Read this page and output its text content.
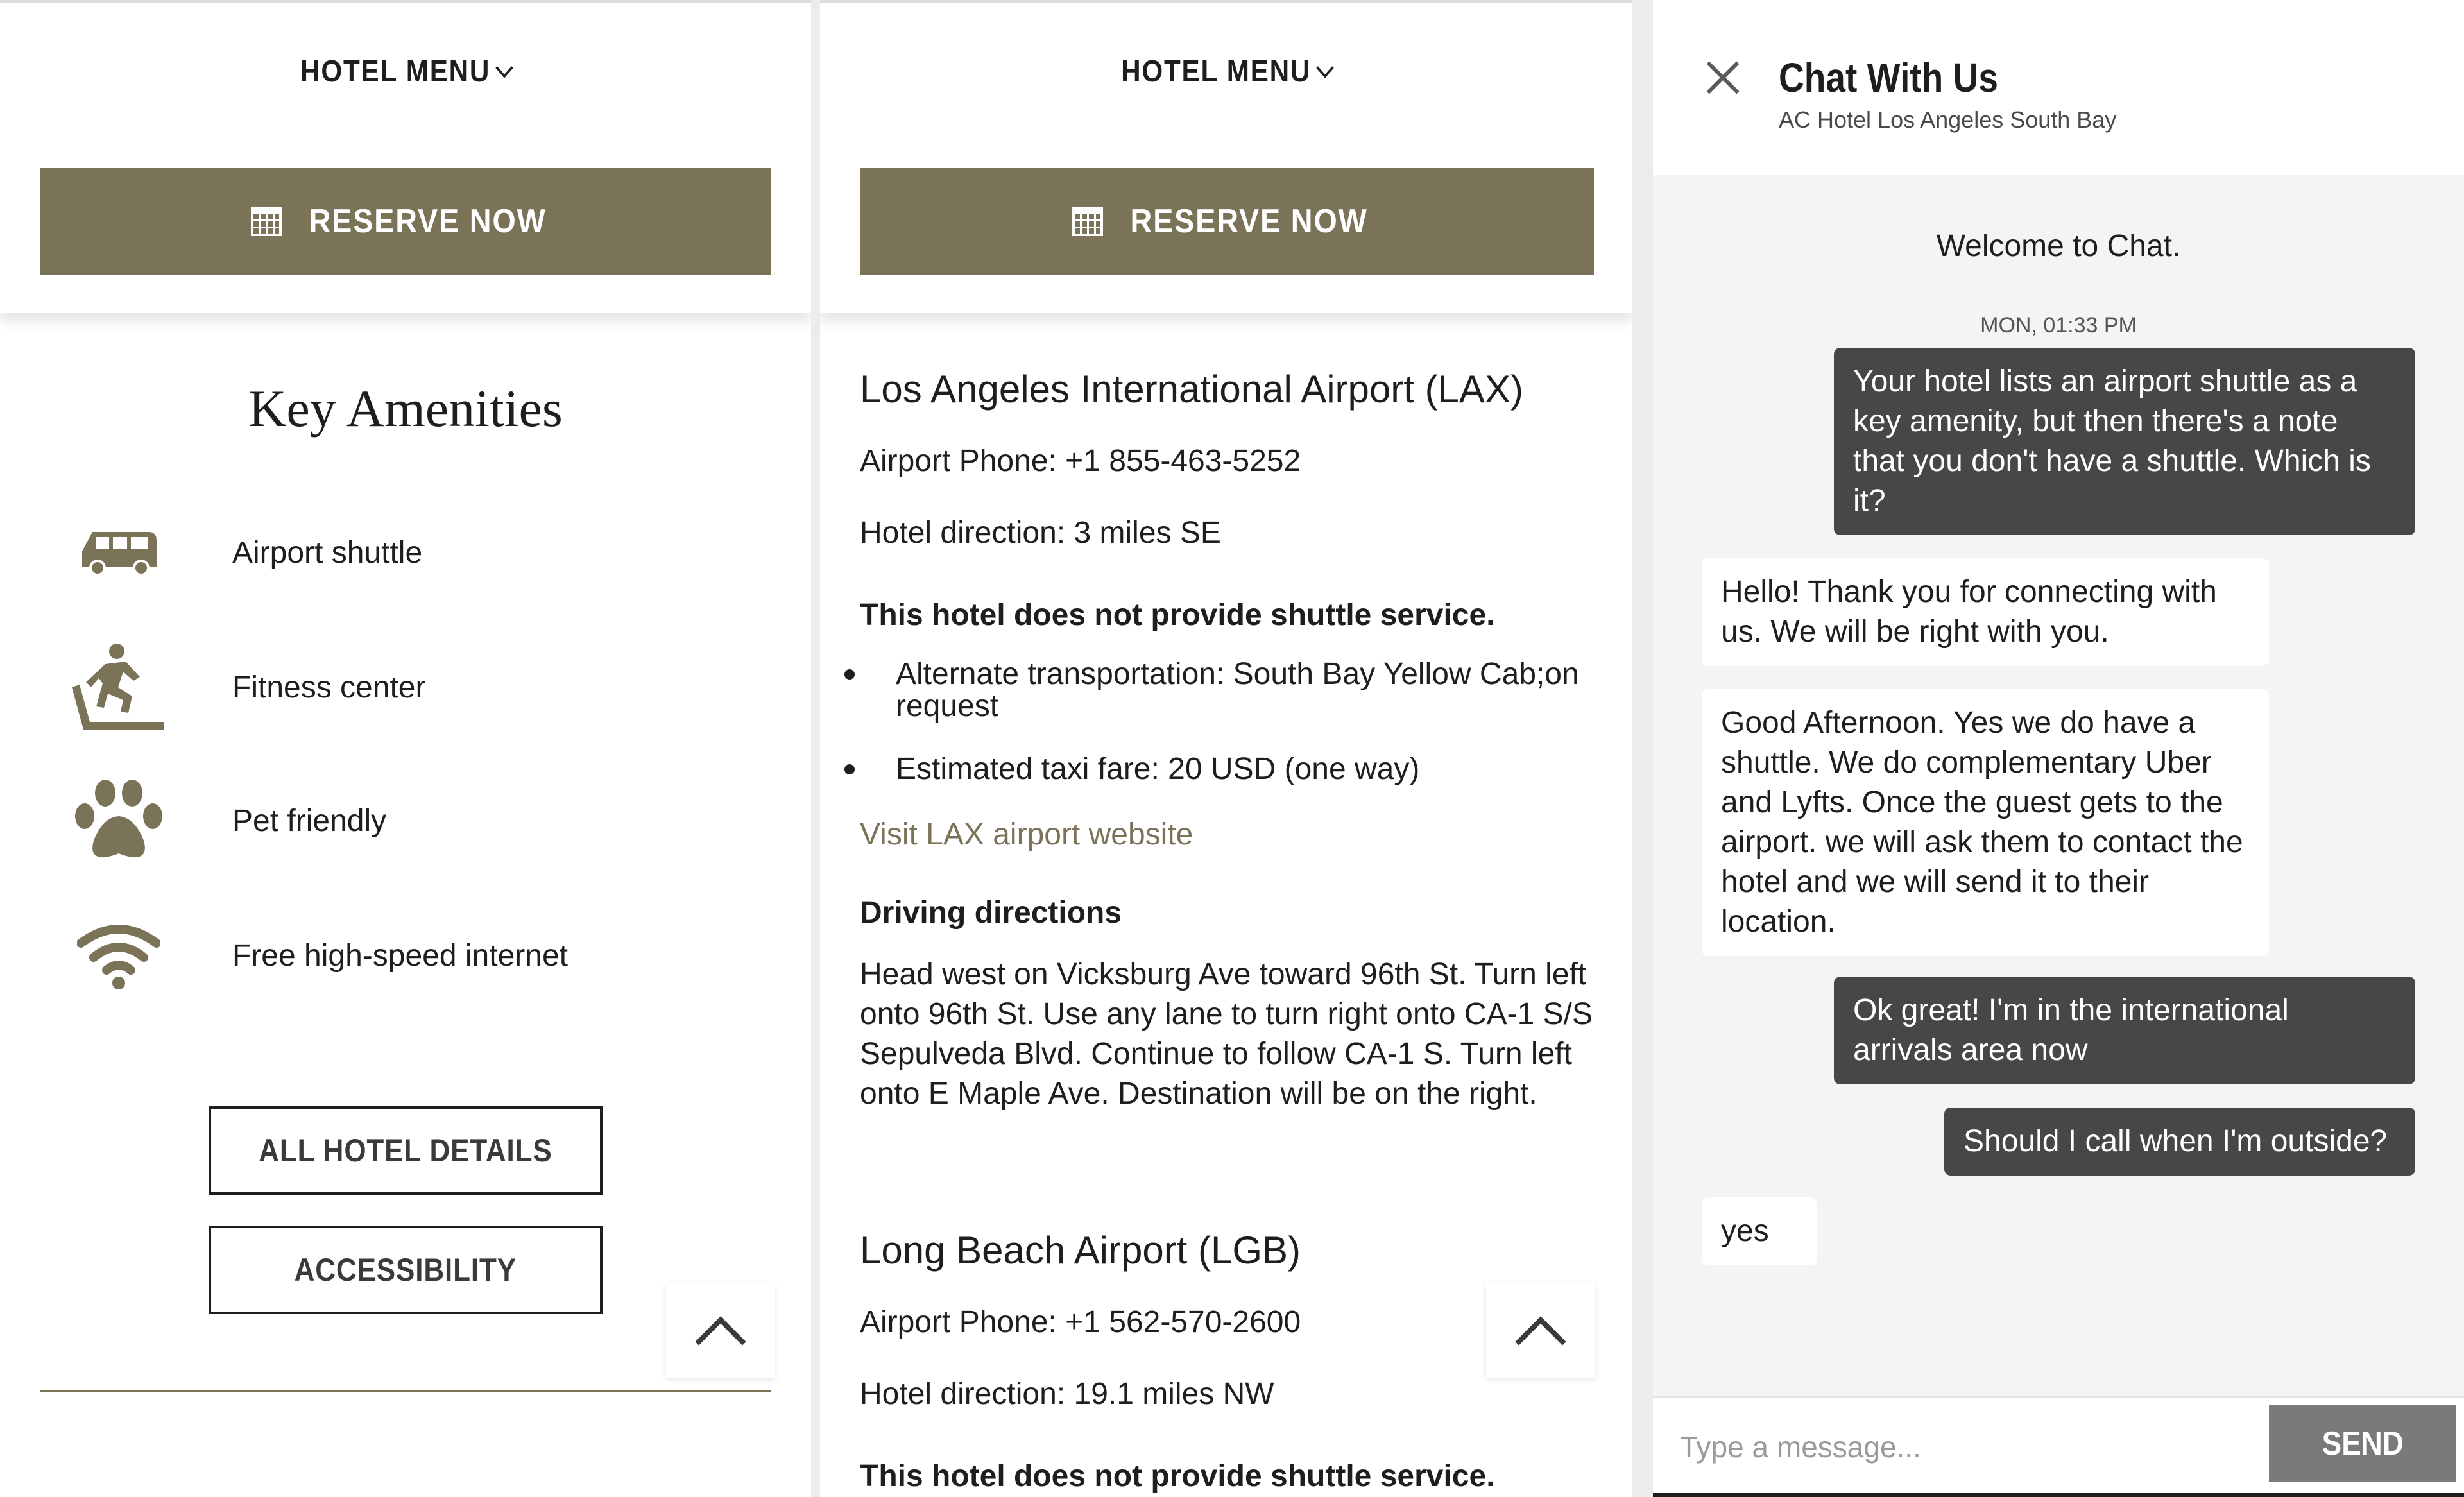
HOTEL MENU
RESERVE NOW
Key Amenities
Airport shuttle
Fitness center
Pet friendly
Free high-speed internet
ALL HOTEL DETAILS
ACCESSIBILITY
HOTEL MENU
RESERVE NOW
Los Angeles International Airport (LAX)
Airport Phone: +1 855-463-5252
Hotel direction: 3 miles SE
This hotel does not provide shuttle service.
Alternate transportation: South Bay Yellow Cab;on request
Estimated taxi fare: 20 USD (one way)
Visit LAX airport website
Driving directions
Head west on Vicksburg Ave toward 96th St. Turn left onto 96th St. Use any lane to turn right onto CA-1 S/S Sepulveda Blvd. Continue to follow CA-1 S. Turn left onto E Maple Ave. Destination will be on the right.
Long Beach Airport (LGB)
Airport Phone: +1 562-570-2600
Hotel direction: 19.1 miles NW
This hotel does not provide shuttle service.
Chat With Us
AC Hotel Los Angeles South Bay
Welcome to Chat.
MON, 01:33 PM
Your hotel lists an airport shuttle as a key amenity, but then there's a note that you don't have a shuttle. Which is it?
Hello! Thank you for connecting with us. We will be right with you.
Good Afternoon. Yes we do have a shuttle. We do complementary Uber and Lyfts. Once the guest gets to the airport. we will ask them to contact the hotel and we will send it to their location.
Ok great! I'm in the international arrivals area now
Should I call when I'm outside?
yes
Type a message...
SEND
